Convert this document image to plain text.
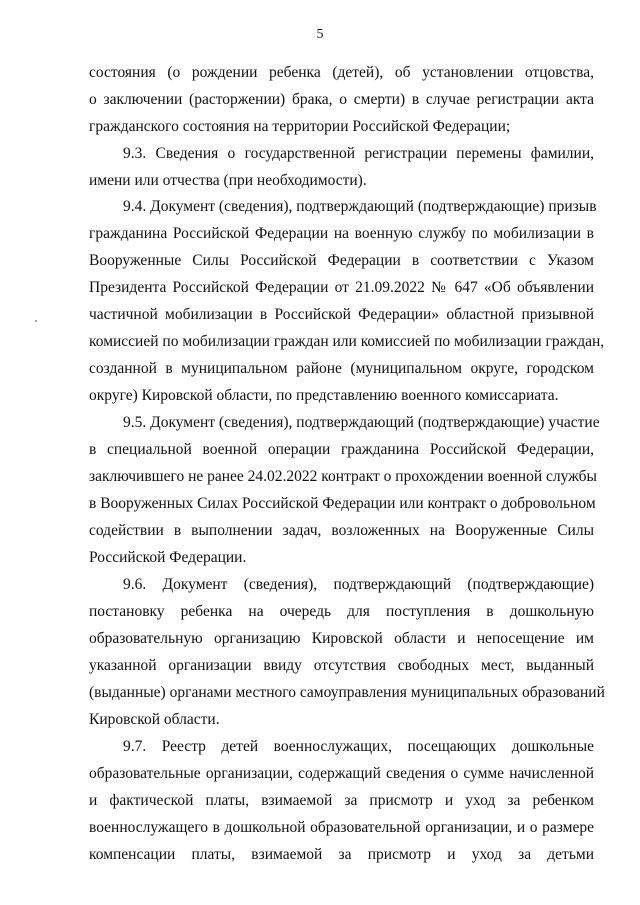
5
состояния (о рождении ребенка (детей), об установлении отцовства,
о заключении (расторжении) брака, о смерти) в случае регистрации акта
гражданского состояния на территории Российской Федерации;
9.3. Сведения о государственной регистрации перемены фамилии,
имени или отчества (при необходимости).
9.4. Документ (сведения), подтверждающий (подтверждающие) призыв
гражданина Российской Федерации на военную службу по мобилизации в
Вооруженные Силы Российской Федерации в соответствии с Указом
Президента Российской Федерации от 21.09.2022 № 647 «Об объявлении
частичной мобилизации в Российской Федерации» областной призывной
комиссией по мобилизации граждан или комиссией по мобилизации граждан,
созданной в муниципальном районе (муниципальном округе, городском
округе) Кировской области, по представлению военного комиссариата.
9.5. Документ (сведения), подтверждающий (подтверждающие) участие
в специальной военной операции гражданина Российской Федерации,
заключившего не ранее 24.02.2022 контракт о прохождении военной службы
в Вооруженных Силах Российской Федерации или контракт о добровольном
содействии в выполнении задач, возложенных на Вооруженные Силы
Российской Федерации.
9.6. Документ (сведения), подтверждающий (подтверждающие)
постановку ребенка на очередь для поступления в дошкольную
образовательную организацию Кировской области и непосещение им
указанной организации ввиду отсутствия свободных мест, выданный
(выданные) органами местного самоуправления муниципальных образований
Кировской области.
9.7. Реестр детей военнослужащих, посещающих дошкольные
образовательные организации, содержащий сведения о сумме начисленной
и фактической платы, взимаемой за присмотр и уход за ребенком
военнослужащего в дошкольной образовательной организации, и о размере
компенсации платы, взимаемой за присмотр и уход за детьми
